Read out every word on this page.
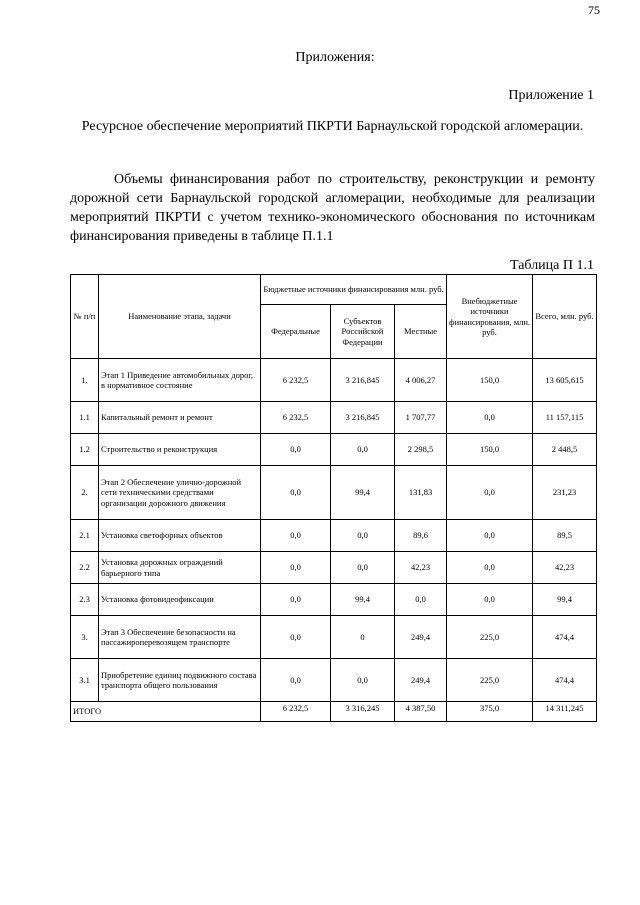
75
Приложения:
Приложение 1
Ресурсное обеспечение мероприятий ПКРТИ Барнаульской городской агломерации.
Объемы финансирования работ по строительству, реконструкции и ремонту дорожной сети Барнаульской городской агломерации, необходимые для реализации мероприятий ПКРТИ с учетом технико-экономического обоснования по источникам финансирования приведены в таблице П.1.1
Таблица П 1.1
№ п/п	Наименование этапа, задачи	Бюджетные источники финансирования млн. руб.			Внебюджетные источники финансирования, млн. руб.	Всего, млн. руб.
		Федеральные	Субъектов Российской Федерации	Местные		
1.	Этап 1 Приведение автомобильных дорог, в нормативное состояние	6 232,5	3 216,845	4 006,27	150,0	13 605,615
1.1	Капитальный ремонт и ремонт	6 232,5	3 216,845	1 707,77	0,0	11 157,115
1.2	Строительство и реконструкция	0,0	0,0	2 298,5	150,0	2 448,5
2.	Этап 2 Обеспечение улично-дорожной сети техническими средствами организации дорожного движения	0,0	99,4	131,83	0,0	231,23
2.1	Установка светофорных объектов	0,0	0,0	89,6	0,0	89,5
2.2	Установка дорожных ограждений барьерного типа	0,0	0,0	42,23	0,0	42,23
2.3	Установка фотовидеофиксации	0,0	99,4	0,0	0,0	99,4
3.	Этап 3 Обеспечение безопасности на пассажироперевозящем транспорте	0,0	0	249,4	225,0	474,4
3.1	Приобретение единиц подвижного состава транспорта общего пользования	0,0	0,0	249,4	225,0	474,4
ИТОГО		6 232,5	3 316,245	4 387,50	375,0	14 311,245
